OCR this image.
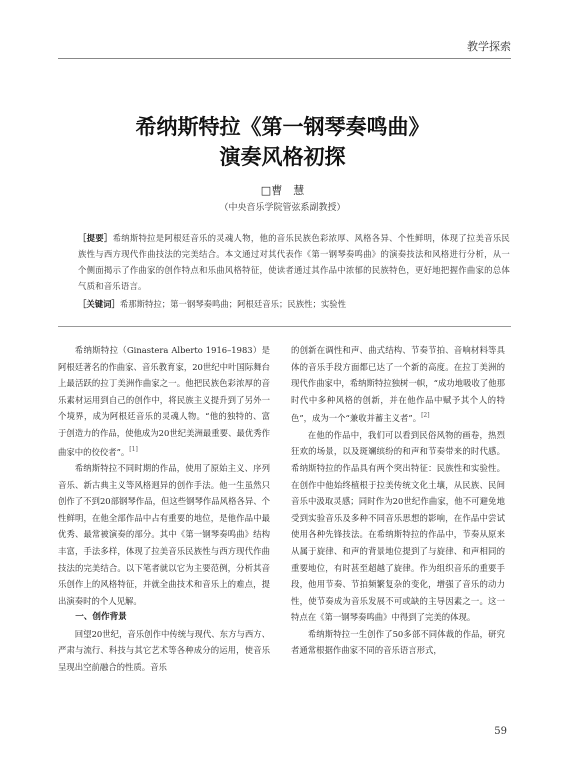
教学探索
希纳斯特拉《第一钢琴奏鸣曲》
演奏风格初探
□曹　慧
（中央音乐学院管弦系副教授）
［提要］希纳斯特拉是阿根廷音乐的灵魂人物，他的音乐民族色彩浓厚、风格各异、个性鲜明，体现了拉美音乐民族性与西方现代作曲技法的完美结合。本文通过对其代表作《第一钢琴奏鸣曲》的演奏技法和风格进行分析，从一个侧面揭示了作曲家的创作特点和乐曲风格特征，使读者通过其作品中浓郁的民族特色，更好地把握作曲家的总体气质和音乐语言。
［关键词］希那斯特拉；第一钢琴奏鸣曲；阿根廷音乐；民族性；实验性

希纳斯特拉（Ginastera Alberto 1916–1983）是阿根廷著名的作曲家、音乐教育家，20世纪中叶国际舞台上最活跃的拉丁美洲作曲家之一。他把民族色彩浓厚的音乐素材运用到自己的创作中，将民族主义提升到了另外一个境界，成为阿根廷音乐的灵魂人物。“他的独特的、富于创造力的作品，使他成为20世纪美洲最重要、最优秀作曲家中的佼佼者”。[1]

希纳斯特拉不同时期的作品，使用了原始主义、序列音乐、新古典主义等风格迥异的创作手法。他一生虽然只创作了不到20部钢琴作品，但这些钢琴作品风格各异、个性鲜明，在他全部作品中占有重要的地位，是他作品中最优秀、最常被演奏的部分。其中《第一钢琴奏鸣曲》结构丰富，手法多样，体现了拉美音乐民族性与西方现代作曲技法的完美结合。以下笔者就以它为主要范例，分析其音乐创作上的风格特征，并就全曲技术和音乐上的难点，提出演奏时的个人见解。

一、创作背景

回望20世纪，音乐创作中传统与现代、东方与西方、严肃与流行、科技与其它艺术等各种成分的运用，使音乐呈现出空前融合的性质。音乐

的创新在调性和声、曲式结构、节奏节拍、音响材料等具体的音乐手段方面都已达了一个新的高度。在拉丁美洲的现代作曲家中，希纳斯特拉独树一帜，“成功地吸收了他那时代中多种风格的创新，并在他作品中赋予其个人的特色”，成为一个“兼收并蓄主义者”。[2]

在他的作品中，我们可以看到民俗风物的画卷，热烈狂欢的场景，以及斑斓缤纷的和声和节奏带来的时代感。希纳斯特拉的作品具有两个突出特征：民族性和实验性。在创作中他始终植根于拉美传统文化土壤，从民族、民间音乐中汲取灵感；同时作为20世纪作曲家，他不可避免地受到实验音乐及多种不同音乐思想的影响，在作品中尝试使用各种先锋技法。在希纳斯特拉的作品中，节奏从原来从属于旋律、和声的背景地位提到了与旋律、和声相同的重要地位，有时甚至超越了旋律。作为组织音乐的重要手段，他用节奏、节拍频繁复杂的变化，增强了音乐的动力性，使节奏成为音乐发展不可或缺的主导因素之一。这一特点在《第一钢琴奏鸣曲》中得到了完美的体现。

希纳斯特拉一生创作了50多部不同体裁的作品，研究者通常根据作曲家不同的音乐语言形式，

59
